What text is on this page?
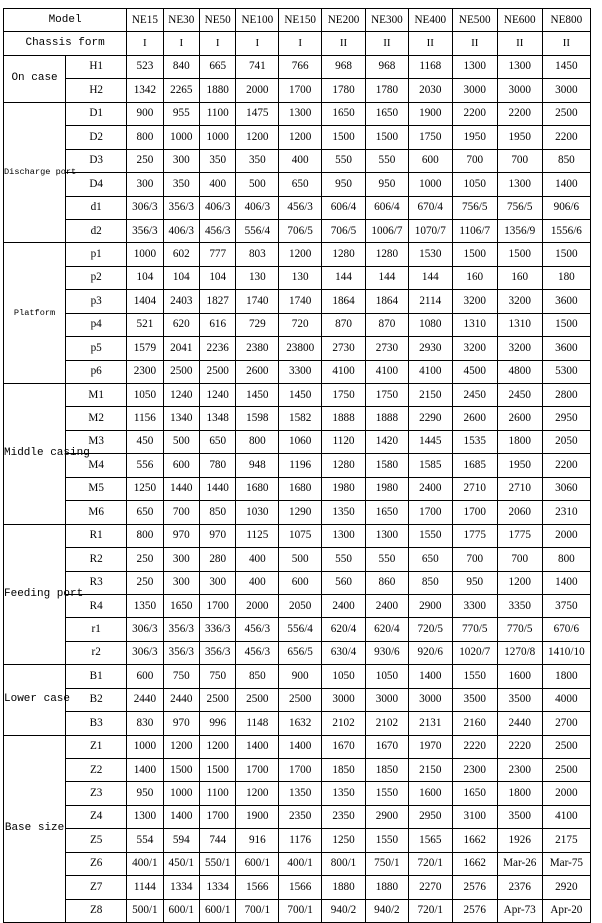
Model		NE15	NE30	NE50	NE100	NE150	NE200	NE300	NE400	NE500	NE600	NE800
Chassis form		I	I	I	I	I	II	II	II	II	II	II
On case	H1	523	840	665	741	766	968	968	1168	1300	1300	1450
	H2	1342	2265	1880	2000	1700	1780	1780	2030	3000	3000	3000
Discharge port	D1	900	955	1100	1475	1300	1650	1650	1900	2200	2200	2500
	D2	800	1000	1000	1200	1200	1500	1500	1750	1950	1950	2200
	D3	250	300	350	350	400	550	550	600	700	700	850
	D4	300	350	400	500	650	950	950	1000	1050	1300	1400
	d1	306/3	356/3	406/3	406/3	456/3	606/4	606/4	670/4	756/5	756/5	906/6
	d2	356/3	406/3	456/3	556/4	706/5	706/5	1006/7	1070/7	1106/7	1356/9	1556/6
Platform	p1	1000	602	777	803	1200	1280	1280	1530	1500	1500	1500
	p2	104	104	104	130	130	144	144	144	160	160	180
	p3	1404	2403	1827	1740	1740	1864	1864	2114	3200	3200	3600
	p4	521	620	616	729	720	870	870	1080	1310	1310	1500
	p5	1579	2041	2236	2380	23800	2730	2730	2930	3200	3200	3600
	p6	2300	2500	2500	2600	3300	4100	4100	4100	4500	4800	5300
Middle casing	M1	1050	1240	1240	1450	1450	1750	1750	2150	2450	2450	2800
	M2	1156	1340	1348	1598	1582	1888	1888	2290	2600	2600	2950
	M3	450	500	650	800	1060	1120	1420	1445	1535	1800	2050
	M4	556	600	780	948	1196	1280	1580	1585	1685	1950	2200
	M5	1250	1440	1440	1680	1680	1980	1980	2400	2710	2710	3060
	M6	650	700	850	1030	1290	1350	1650	1700	1700	2060	2310
Feeding port	R1	800	970	970	1125	1075	1300	1300	1550	1775	1775	2000
	R2	250	300	280	400	500	550	550	650	700	700	800
	R3	250	300	300	400	600	560	860	850	950	1200	1400
	R4	1350	1650	1700	2000	2050	2400	2400	2900	3300	3350	3750
	r1	306/3	356/3	336/3	456/3	556/4	620/4	620/4	720/5	770/5	770/5	670/6
	r2	306/3	356/3	356/3	456/3	656/5	630/4	930/6	920/6	1020/7	1270/8	1410/10
Lower case	B1	600	750	750	850	900	1050	1050	1400	1550	1600	1800
	B2	2440	2440	2500	2500	2500	3000	3000	3000	3500	3500	4000
	B3	830	970	996	1148	1632	2102	2102	2131	2160	2440	2700
Base size	Z1	1000	1200	1200	1400	1400	1670	1670	1970	2220	2220	2500
	Z2	1400	1500	1500	1700	1700	1850	1850	2150	2300	2300	2500
	Z3	950	1000	1100	1200	1350	1350	1550	1600	1650	1800	2000
	Z4	1300	1400	1700	1900	2350	2350	2900	2950	3100	3500	4100
	Z5	554	594	744	916	1176	1250	1550	1565	1662	1926	2175
	Z6	400/1	450/1	550/1	600/1	400/1	800/1	750/1	720/1	1662	Mar-26	Mar-75
	Z7	1144	1334	1334	1566	1566	1880	1880	2270	2576	2376	2920
	Z8	500/1	600/1	600/1	700/1	700/1	940/2	940/2	720/1	2576	Apr-73	Apr-20
